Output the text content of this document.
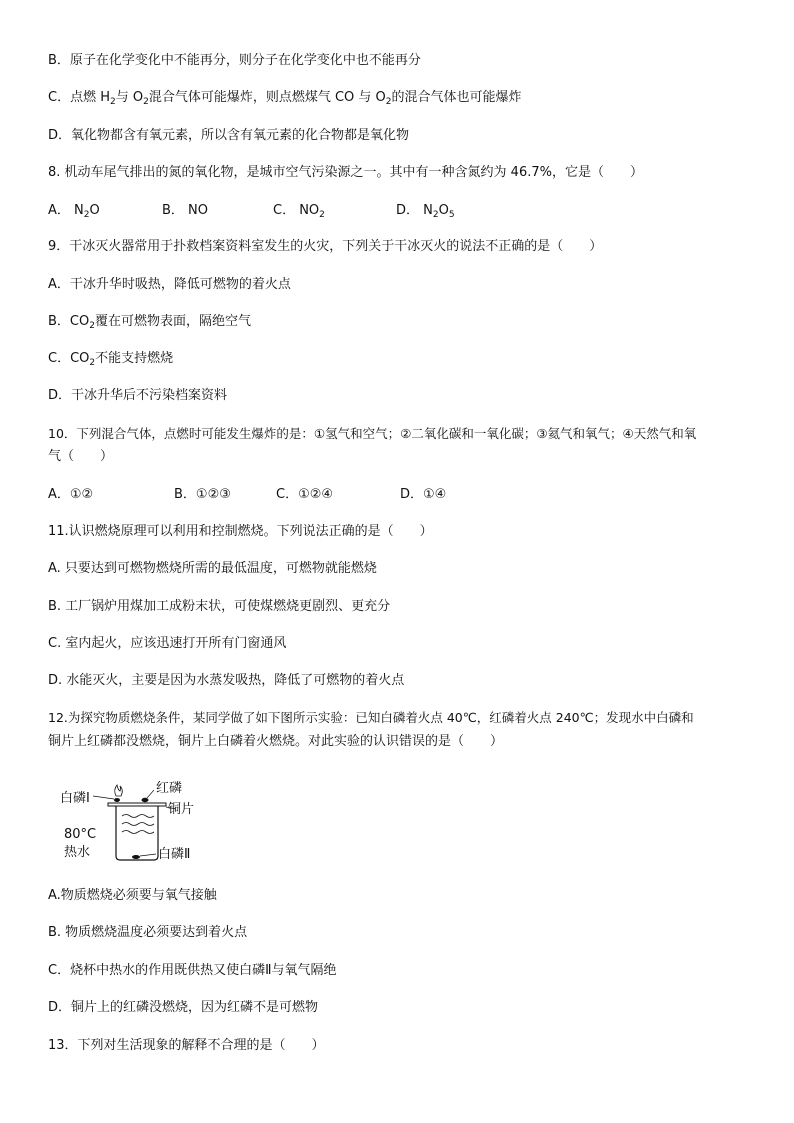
B．原子在化学变化中不能再分，则分子在化学变化中也不能再分
C．点燃 $H_2$与 $O_2$混合气体可能爆炸，则点燃煤气 CO 与 $O_2$的混合气体也可能爆炸
D．氧化物都含有氧元素，所以含有氧元素的化合物都是氧化物
8. 机动车尾气排出的氮的氧化物，是城市空气污染源之一。其中有一种含氮约为 46.7%，它是（　　）
A． $N_2O$	B． NO	C． $NO_2$	D． $N_2O_5$
9．干冰灭火器常用于扑救档案资料室发生的火灾，下列关于干冰灭火的说法不正确的是（　　）
A．干冰升华时吸热，降低可燃物的着火点
B．$CO_2$覆在可燃物表面，隔绝空气
C．$CO_2$不能支持燃烧
D．干冰升华后不污染档案资料
10．下列混合气体，点燃时可能发生爆炸的是：①氢气和空气；②二氧化碳和一氧化碳；③氦气和氧气；④天然气和氧
气（　　）
A．①②	B．①②③	C．①②④	D．①④
11.认识燃烧原理可以利用和控制燃烧。下列说法正确的是（　　）
A. 只要达到可燃物燃烧所需的最低温度，可燃物就能燃烧
B. 工厂锅炉用煤加工成粉末状，可使煤燃烧更剧烈、更充分
C. 室内起火，应该迅速打开所有门窗通风
D. 水能灭火，主要是因为水蒸发吸热，降低了可燃物的着火点
12.为探究物质燃烧条件，某同学做了如下图所示实验：已知白磷着火点 40℃，红磷着火点 240℃；发现水中白磷和
铜片上红磷都没燃烧，铜片上白磷着火燃烧。对此实验的认识错误的是（　　）
白磷Ⅰ
红磷
铜片
80°C
热水	白磷Ⅱ
A.物质燃烧必须要与氧气接触
B. 物质燃烧温度必须要达到着火点
C．烧杯中热水的作用既供热又使白磷Ⅱ与氧气隔绝
D．铜片上的红磷没燃烧，因为红磷不是可燃物
13．下列对生活现象的解释不合理的是（　　）
